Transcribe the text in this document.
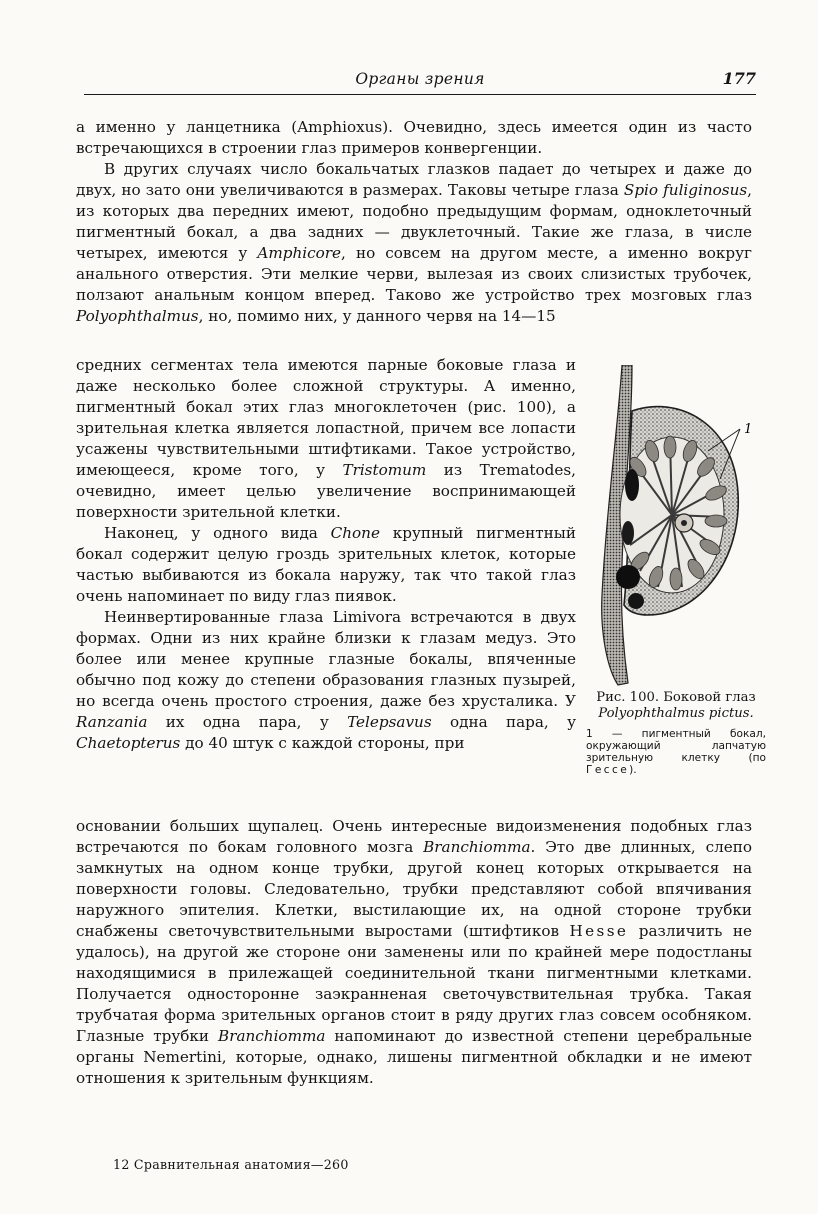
Органы зрения	177

а именно у ланцетника (Amphioxus). Очевидно, здесь имеется один из часто встречающихся в строении глаз примеров конвергенции.

В других случаях число бокальчатых глазков падает до четырех и даже до двух, но зато они увеличиваются в размерах. Таковы четыре глаза Spio fuliginosus, из которых два передних имеют, подобно предыдущим формам, одноклеточный пигментный бокал, а два задних — двуклеточный. Такие же глаза, в числе четырех, имеются у Amphicore, но совсем на другом месте, а именно вокруг анального отверстия. Эти мелкие черви, вылезая из своих слизистых трубочек, ползают анальным концом вперед. Таково же устройство трех мозговых глаз Polyophthalmus, но, помимо них, у данного червя на 14—15

средних сегментах тела имеются парные боковые глаза и даже несколько более сложной структуры. А именно, пигментный бокал этих глаз многоклеточен (рис. 100), а зрительная клетка является лопастной, причем все лопасти усажены чувствительными штифтиками. Такое устройство, имеющееся, кроме того, у Tristomum из Trematodes, очевидно, имеет целью увеличение воспринимающей поверхности зрительной клетки.

Наконец, у одного вида Chone крупный пигментный бокал содержит целую гроздь зрительных клеток, которые частью выбиваются из бокала наружу, так что такой глаз очень напоминает по виду глаз пиявок.

Неинвертированные глаза Limivora встречаются в двух формах. Одни из них крайне близки к глазам медуз. Это более или менее крупные глазные бокалы, впяченные обычно под кожу до степени образования глазных пузырей, но всегда очень простого строения, даже без хрусталика. У Ranzania их одна пара, у Telepsavus одна пара, у Chaetopterus до 40 штук с каждой стороны, при

основании больших щупалец. Очень интересные видоизменения подобных глаз встречаются по бокам головного мозга Branchiomma. Это две длинных, слепо замкнутых на одном конце трубки, другой конец которых открывается на поверхности головы. Следовательно, трубки представляют собой впячивания наружного эпителия. Клетки, выстилающие их, на одной стороне трубки снабжены светочувствительными выростами (штифтиков Hesse различить не удалось), на другой же стороне они заменены или по крайней мере подостланы находящимися в прилежащей соединительной ткани пигментными клетками. Получается односторонне заэкранненая светочувствительная трубка. Такая трубчатая форма зрительных органов стоит в ряду других глаз совсем особняком. Глазные трубки Branchiomma напоминают до известной степени церебральные органы Nemertini, которые, однако, лишены пигментной обкладки и не имеют отношения к зрительным функциям.

1
Рис. 100. Боковой глаз Polyophthalmus pictus.
1 — пигментный бокал, окружающий лапчатую зрительную клетку (по Гессе).
12 Сравнительная анатомия—260
